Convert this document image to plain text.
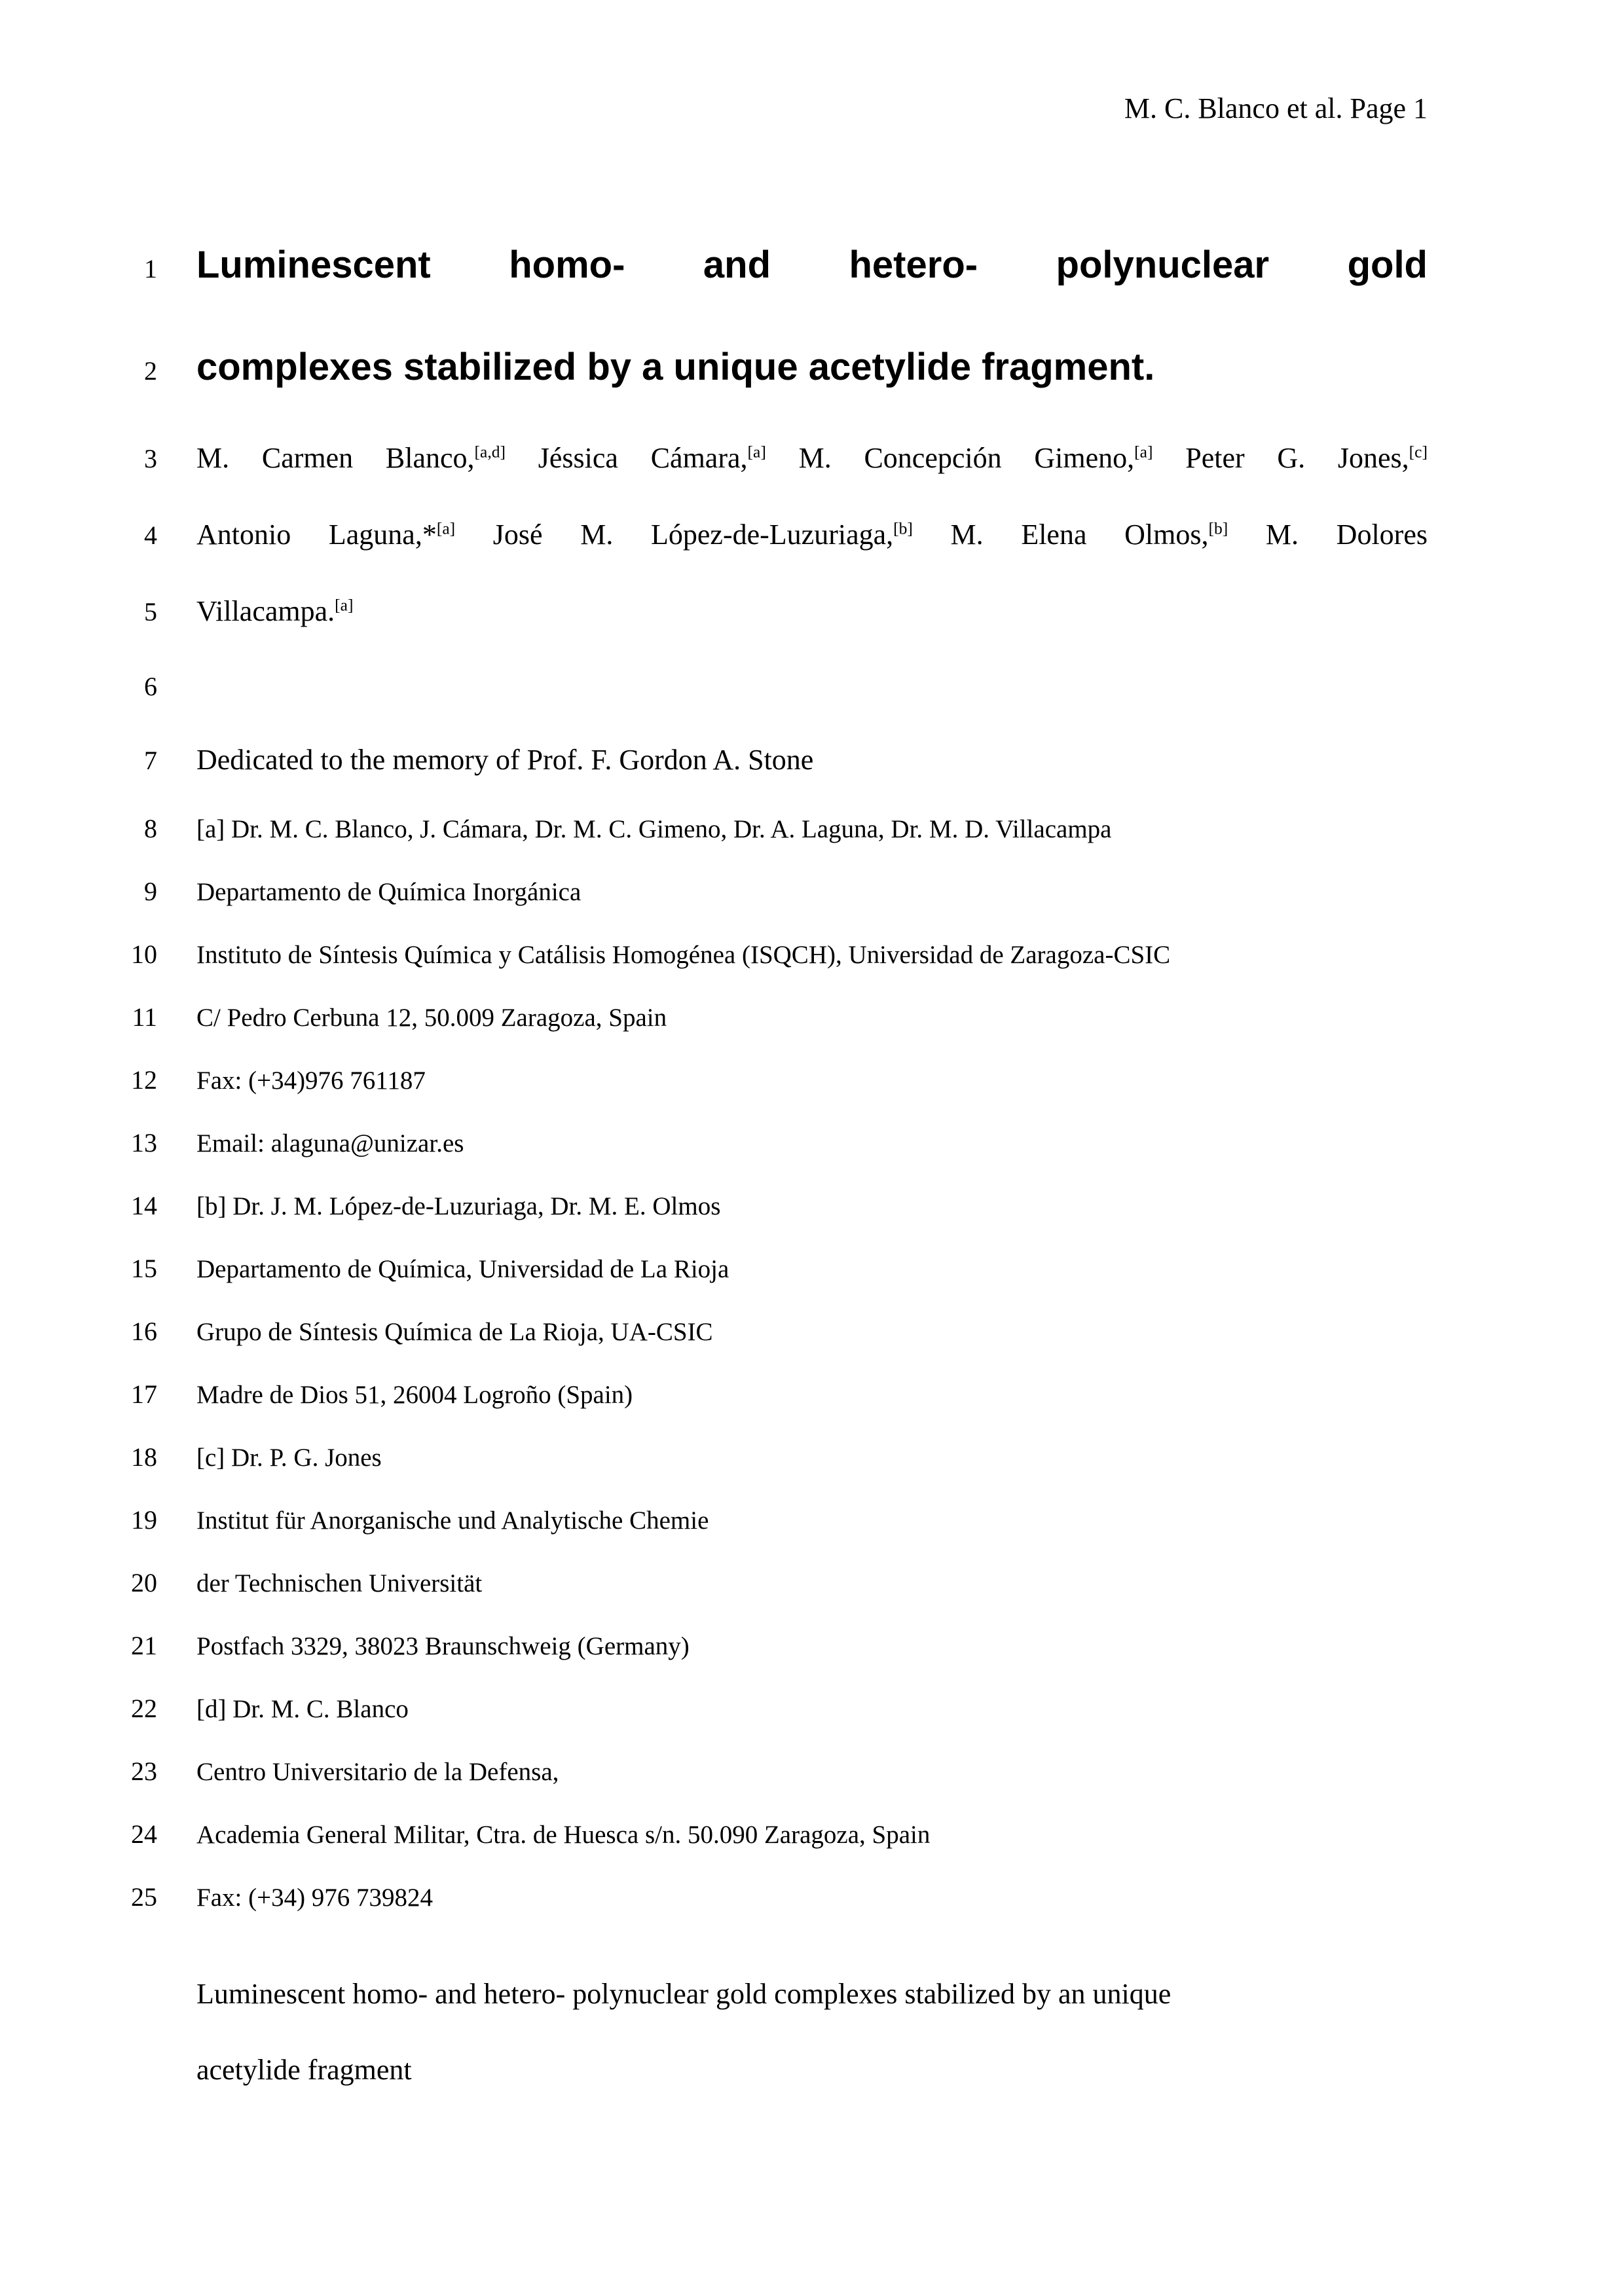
M. C. Blanco et al. Page 1
1 Luminescent homo- and hetero- polynuclear gold
2 complexes stabilized by a unique acetylide fragment.
3 M. Carmen Blanco,[a,d] Jéssica Cámara,[a] M. Concepción Gimeno,[a] Peter G. Jones,[c]
4 Antonio Laguna,*[a] José M. López-de-Luzuriaga,[b] M. Elena Olmos,[b] M. Dolores
5 Villacampa.[a]
6
7 Dedicated to the memory of Prof. F. Gordon A. Stone
8 [a] Dr. M. C. Blanco, J. Cámara, Dr. M. C. Gimeno, Dr. A. Laguna, Dr. M. D. Villacampa
9 Departamento de Química Inorgánica
10 Instituto de Síntesis Química y Catálisis Homogénea (ISQCH), Universidad de Zaragoza-CSIC
11 C/ Pedro Cerbuna 12, 50.009 Zaragoza, Spain
12 Fax: (+34)976 761187
13 Email: alaguna@unizar.es
14 [b] Dr. J. M. López-de-Luzuriaga, Dr. M. E. Olmos
15 Departamento de Química, Universidad de La Rioja
16 Grupo de Síntesis Química de La Rioja, UA-CSIC
17 Madre de Dios 51, 26004 Logroño (Spain)
18 [c] Dr. P. G. Jones
19 Institut für Anorganische und Analytische Chemie
20 der Technischen Universität
21 Postfach 3329, 38023 Braunschweig (Germany)
22 [d] Dr. M. C. Blanco
23 Centro Universitario de la Defensa,
24 Academia General Militar, Ctra. de Huesca s/n. 50.090 Zaragoza, Spain
25 Fax: (+34) 976 739824
Luminescent homo- and hetero- polynuclear gold complexes stabilized by an unique
acetylide fragment
